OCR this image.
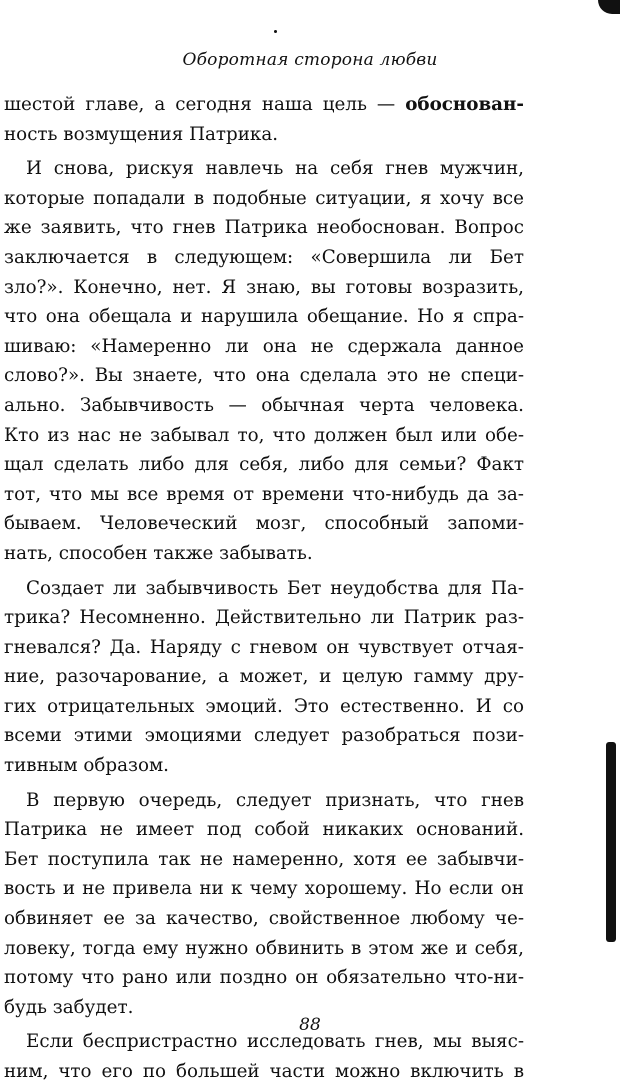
Оборотная сторона любви
шестой главе, а сегодня наша цель — обоснован-
ность возмущения Патрика.
И снова, рискуя навлечь на себя гнев мужчин,
которые попадали в подобные ситуации, я хочу все
же заявить, что гнев Патрика необоснован. Вопрос
заключается в следующем: «Совершила ли Бет
зло?». Конечно, нет. Я знаю, вы готовы возразить,
что она обещала и нарушила обещание. Но я спра-
шиваю: «Намеренно ли она не сдержала данное
слово?». Вы знаете, что она сделала это не специ-
ально. Забывчивость — обычная черта человека.
Кто из нас не забывал то, что должен был или обе-
щал сделать либо для себя, либо для семьи? Факт
тот, что мы все время от времени что-нибудь да за-
бываем. Человеческий мозг, способный запоми-
нать, способен также забывать.
Создает ли забывчивость Бет неудобства для Па-
трика? Несомненно. Действительно ли Патрик раз-
гневался? Да. Наряду с гневом он чувствует отчая-
ние, разочарование, а может, и целую гамму дру-
гих отрицательных эмоций. Это естественно. И со
всеми этими эмоциями следует разобраться пози-
тивным образом.
В первую очередь, следует признать, что гнев
Патрика не имеет под собой никаких оснований.
Бет поступила так не намеренно, хотя ее забывчи-
вость и не привела ни к чему хорошему. Но если он
обвиняет ее за качество, свойственное любому че-
ловеку, тогда ему нужно обвинить в этом же и себя,
потому что рано или поздно он обязательно что-ни-
будь забудет.
Если беспристрастно исследовать гнев, мы выяс-
ним, что его по большей части можно включить в
88
